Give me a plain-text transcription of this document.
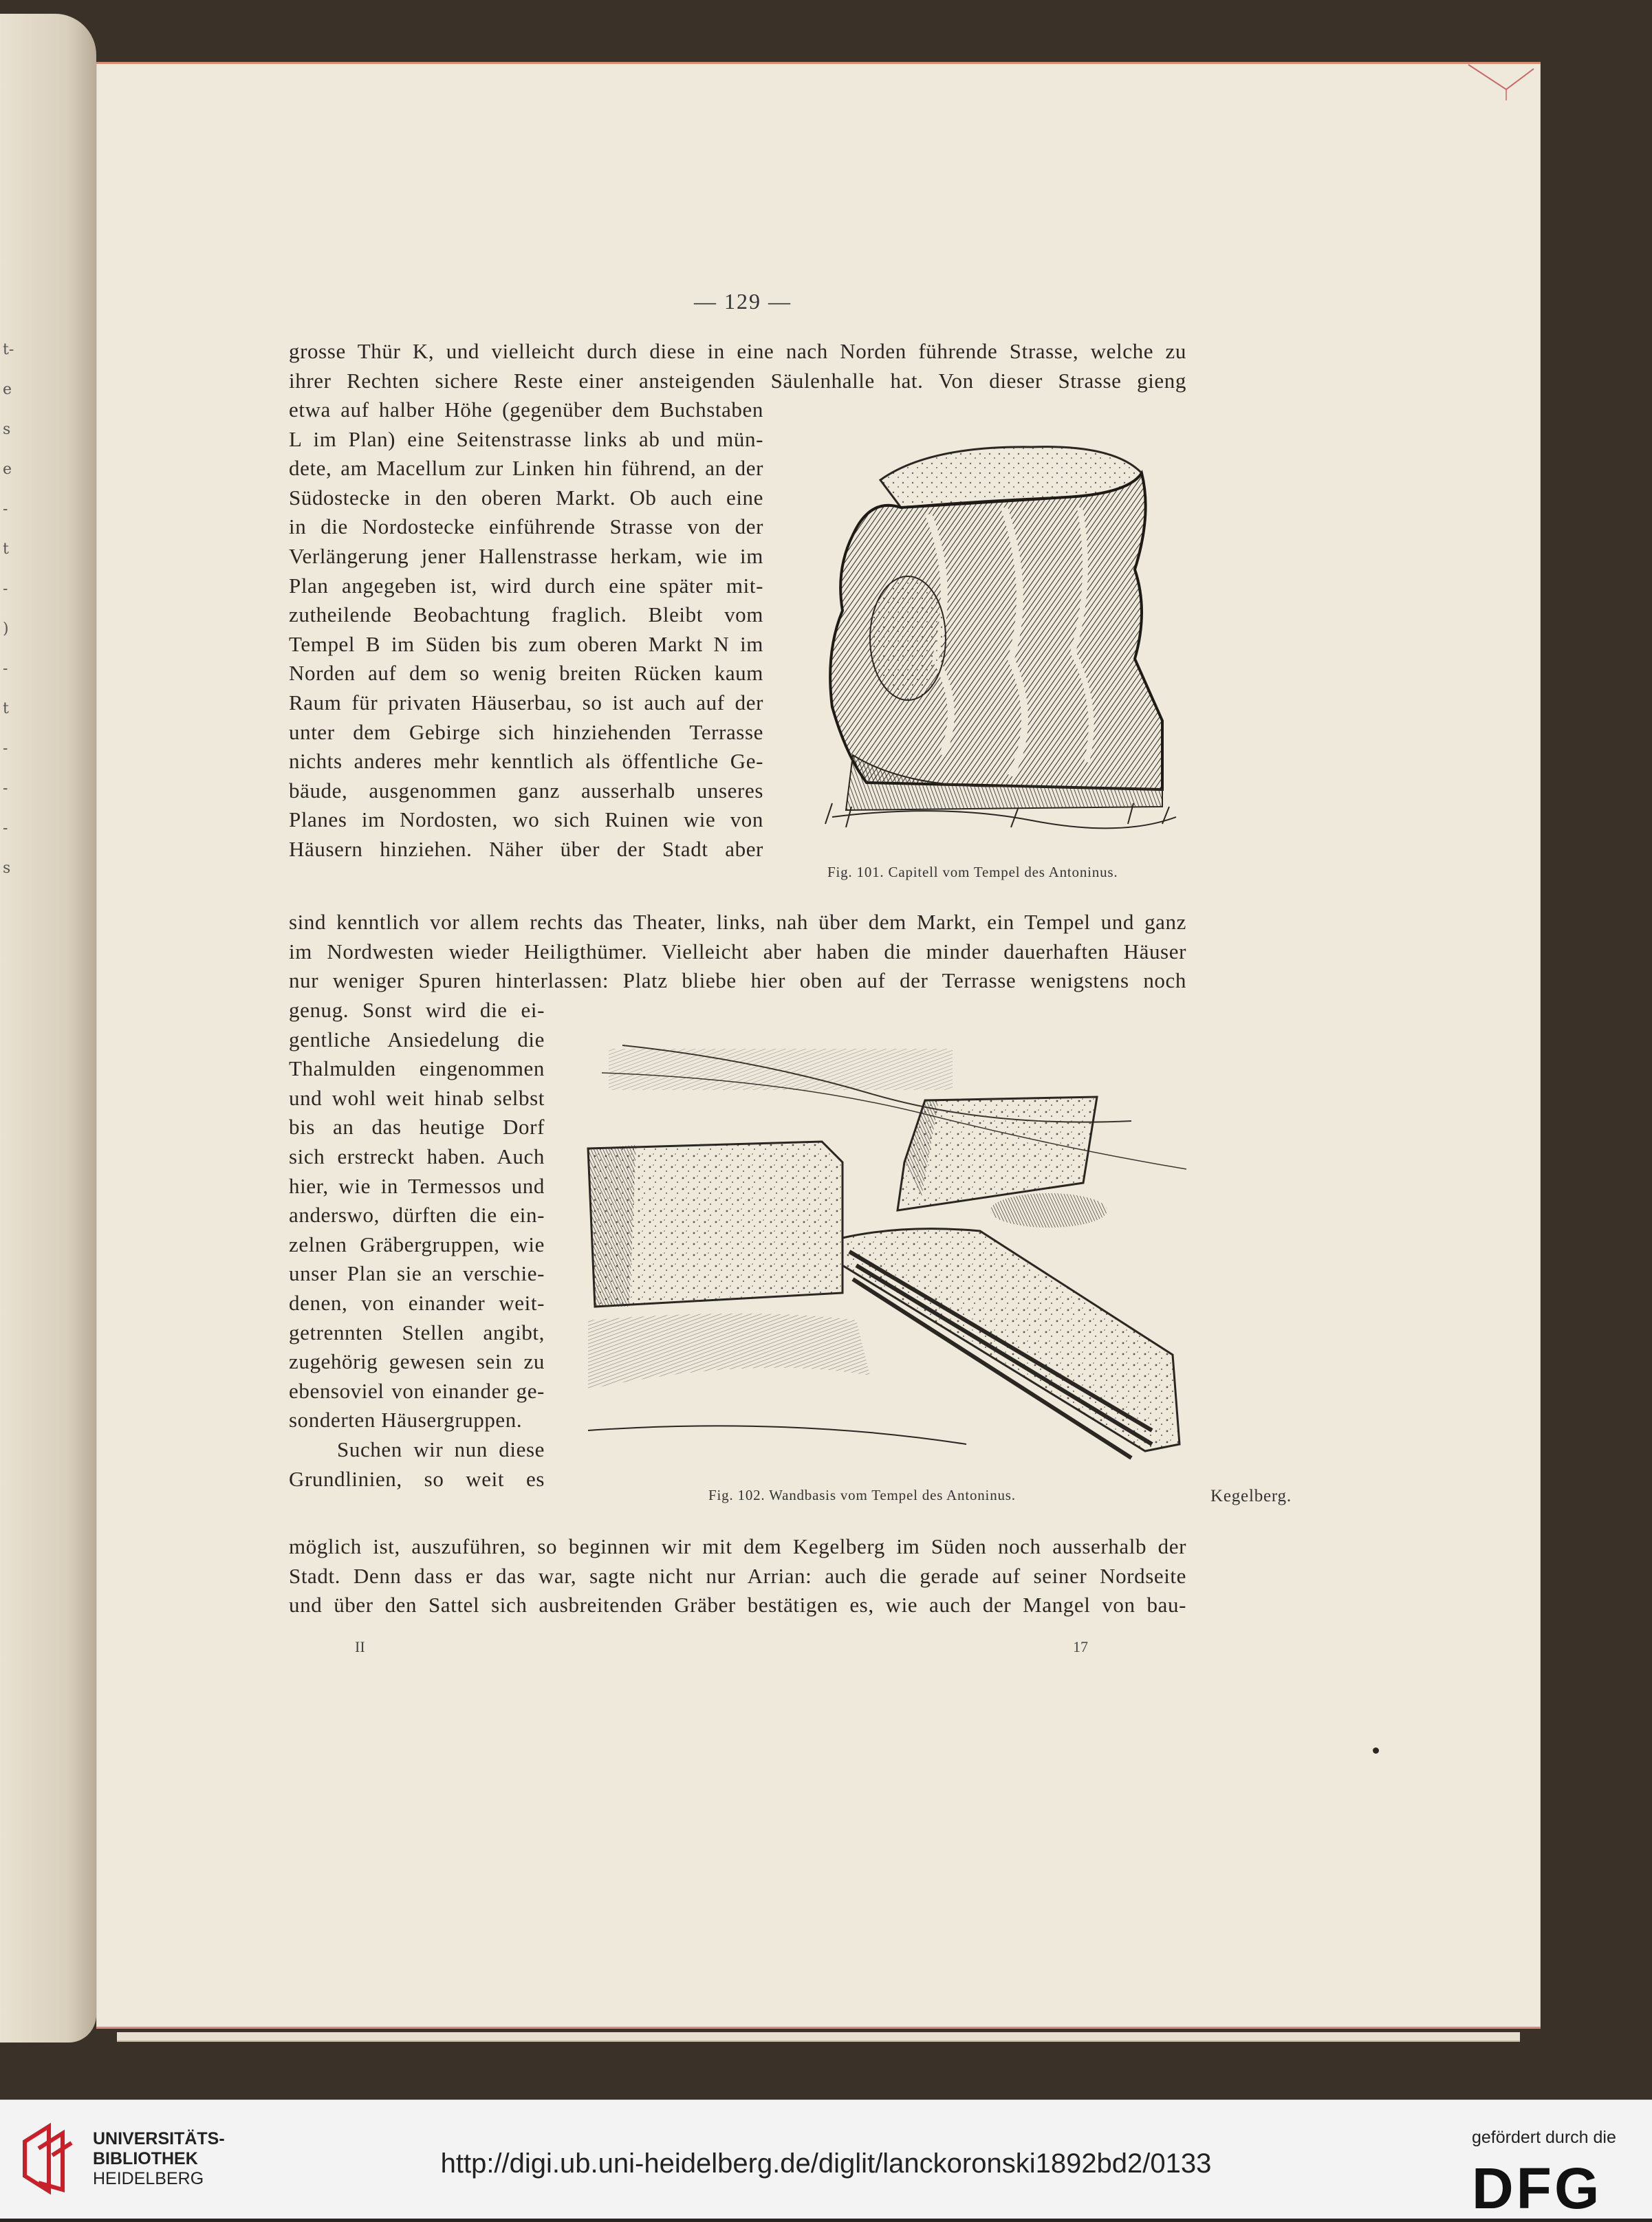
t-
e
s
e
-
t
-
)
-
t
-
-
-
s
— 129 —
grosse Thür K, und vielleicht durch diese in eine nach Norden führende Strasse, welche zu
ihrer Rechten sichere Reste einer ansteigenden Säulenhalle hat. Von dieser Strasse gieng
etwa auf halber Höhe (gegenüber dem Buchstaben
L im Plan) eine Seitenstrasse links ab und mün-
dete, am Macellum zur Linken hin führend, an der
Südostecke in den oberen Markt. Ob auch eine
in die Nordostecke einführende Strasse von der
Verlängerung jener Hallenstrasse herkam, wie im
Plan angegeben ist, wird durch eine später mit-
zutheilende Beobachtung fraglich. Bleibt vom
Tempel B im Süden bis zum oberen Markt N im
Norden auf dem so wenig breiten Rücken kaum
Raum für privaten Häuserbau, so ist auch auf der
unter dem Gebirge sich hinziehenden Terrasse
nichts anderes mehr kenntlich als öffentliche Ge-
bäude, ausgenommen ganz ausserhalb unseres
Planes im Nordosten, wo sich Ruinen wie von
Häusern hinziehen. Näher über der Stadt aber
Fig. 101. Capitell vom Tempel des Antoninus.
sind kenntlich vor allem rechts das Theater, links, nah über dem Markt, ein Tempel und ganz
im Nordwesten wieder Heiligthümer. Vielleicht aber haben die minder dauerhaften Häuser
nur weniger Spuren hinterlassen: Platz bliebe hier oben auf der Terrasse wenigstens noch
genug. Sonst wird die ei-
gentliche Ansiedelung die
Thalmulden eingenommen
und wohl weit hinab selbst
bis an das heutige Dorf
sich erstreckt haben. Auch
hier, wie in Termessos und
anderswo, dürften die ein-
zelnen Gräbergruppen, wie
unser Plan sie an verschie-
denen, von einander weit-
getrennten Stellen angibt,
zugehörig gewesen sein zu
ebensoviel von einander ge-
sonderten Häusergruppen.
Suchen wir nun diese
Grundlinien, so weit es
Fig. 102. Wandbasis vom Tempel des Antoninus.	Kegelberg.
möglich ist, auszuführen, so beginnen wir mit dem Kegelberg im Süden noch ausserhalb der
Stadt. Denn dass er das war, sagte nicht nur Arrian: auch die gerade auf seiner Nordseite
und über den Sattel sich ausbreitenden Gräber bestätigen es, wie auch der Mangel von bau-
II	17
UNIVERSITÄTS-
BIBLIOTHEK
HEIDELBERG	http://digi.ub.uni-heidelberg.de/diglit/lanckoronski1892bd2/0133
gefördert durch die
DFG
